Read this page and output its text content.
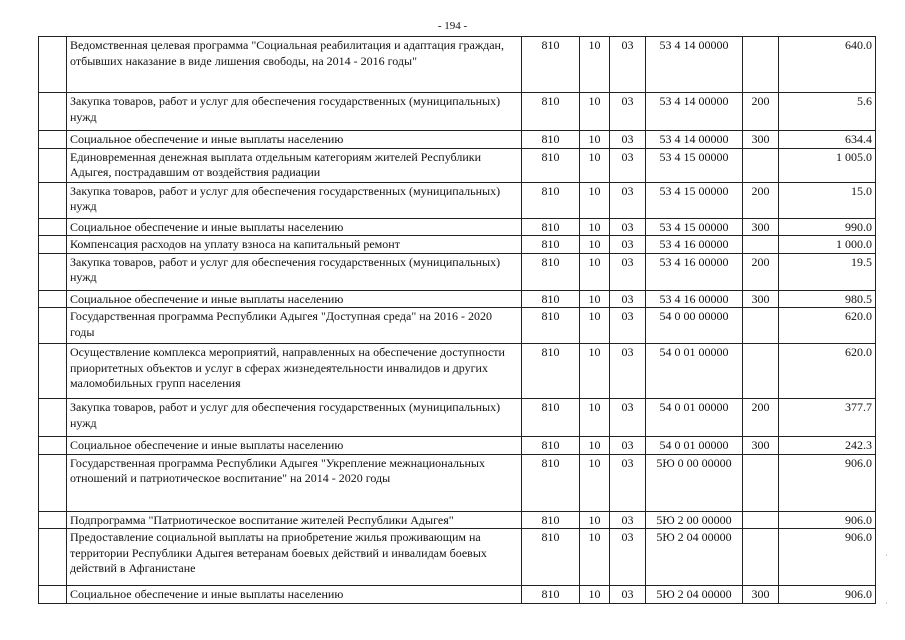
- 194 -
	Ведомственная целевая программа "Социальная реабилитация и адаптация граждан, отбывших наказание в виде лишения свободы, на 2014 - 2016 годы"	810	10	03	53 4 14 00000		640.0
	Закупка товаров, работ и услуг для обеспечения государственных (муниципальных) нужд	810	10	03	53 4 14 00000	200	5.6
	Социальное обеспечение и иные выплаты населению	810	10	03	53 4 14 00000	300	634.4
	Единовременная денежная выплата отдельным категориям жителей Республики Адыгея, пострадавшим от воздействия радиации	810	10	03	53 4 15 00000		1 005.0
	Закупка товаров, работ и услуг для обеспечения государственных (муниципальных) нужд	810	10	03	53 4 15 00000	200	15.0
	Социальное обеспечение и иные выплаты населению	810	10	03	53 4 15 00000	300	990.0
	Компенсация расходов на уплату взноса на капитальный ремонт	810	10	03	53 4 16 00000		1 000.0
	Закупка товаров, работ и услуг для обеспечения государственных (муниципальных) нужд	810	10	03	53 4 16 00000	200	19.5
	Социальное обеспечение и иные выплаты населению	810	10	03	53 4 16 00000	300	980.5
	Государственная программа Республики Адыгея "Доступная среда" на 2016 - 2020 годы	810	10	03	54 0 00 00000		620.0
	Осуществление комплекса мероприятий, направленных на обеспечение доступности приоритетных объектов и услуг в сферах жизнедеятельности инвалидов и других маломобильных групп населения	810	10	03	54 0 01 00000		620.0
	Закупка товаров, работ и услуг для обеспечения государственных (муниципальных) нужд	810	10	03	54 0 01 00000	200	377.7
	Социальное обеспечение и иные выплаты населению	810	10	03	54 0 01 00000	300	242.3
	Государственная программа Республики Адыгея "Укрепление межнациональных отношений и патриотическое воспитание" на 2014 - 2020 годы	810	10	03	5Ю 0 00 00000		906.0
	Подпрограмма "Патриотическое воспитание жителей Республики Адыгея"	810	10	03	5Ю 2 00 00000		906.0
	Предоставление социальной выплаты на приобретение жилья проживающим на территории Республики Адыгея ветеранам боевых действий и инвалидам боевых действий в Афганистане	810	10	03	5Ю 2 04 00000		906.0
	Социальное обеспечение и иные выплаты населению	810	10	03	5Ю 2 04 00000	300	906.0
·
·
